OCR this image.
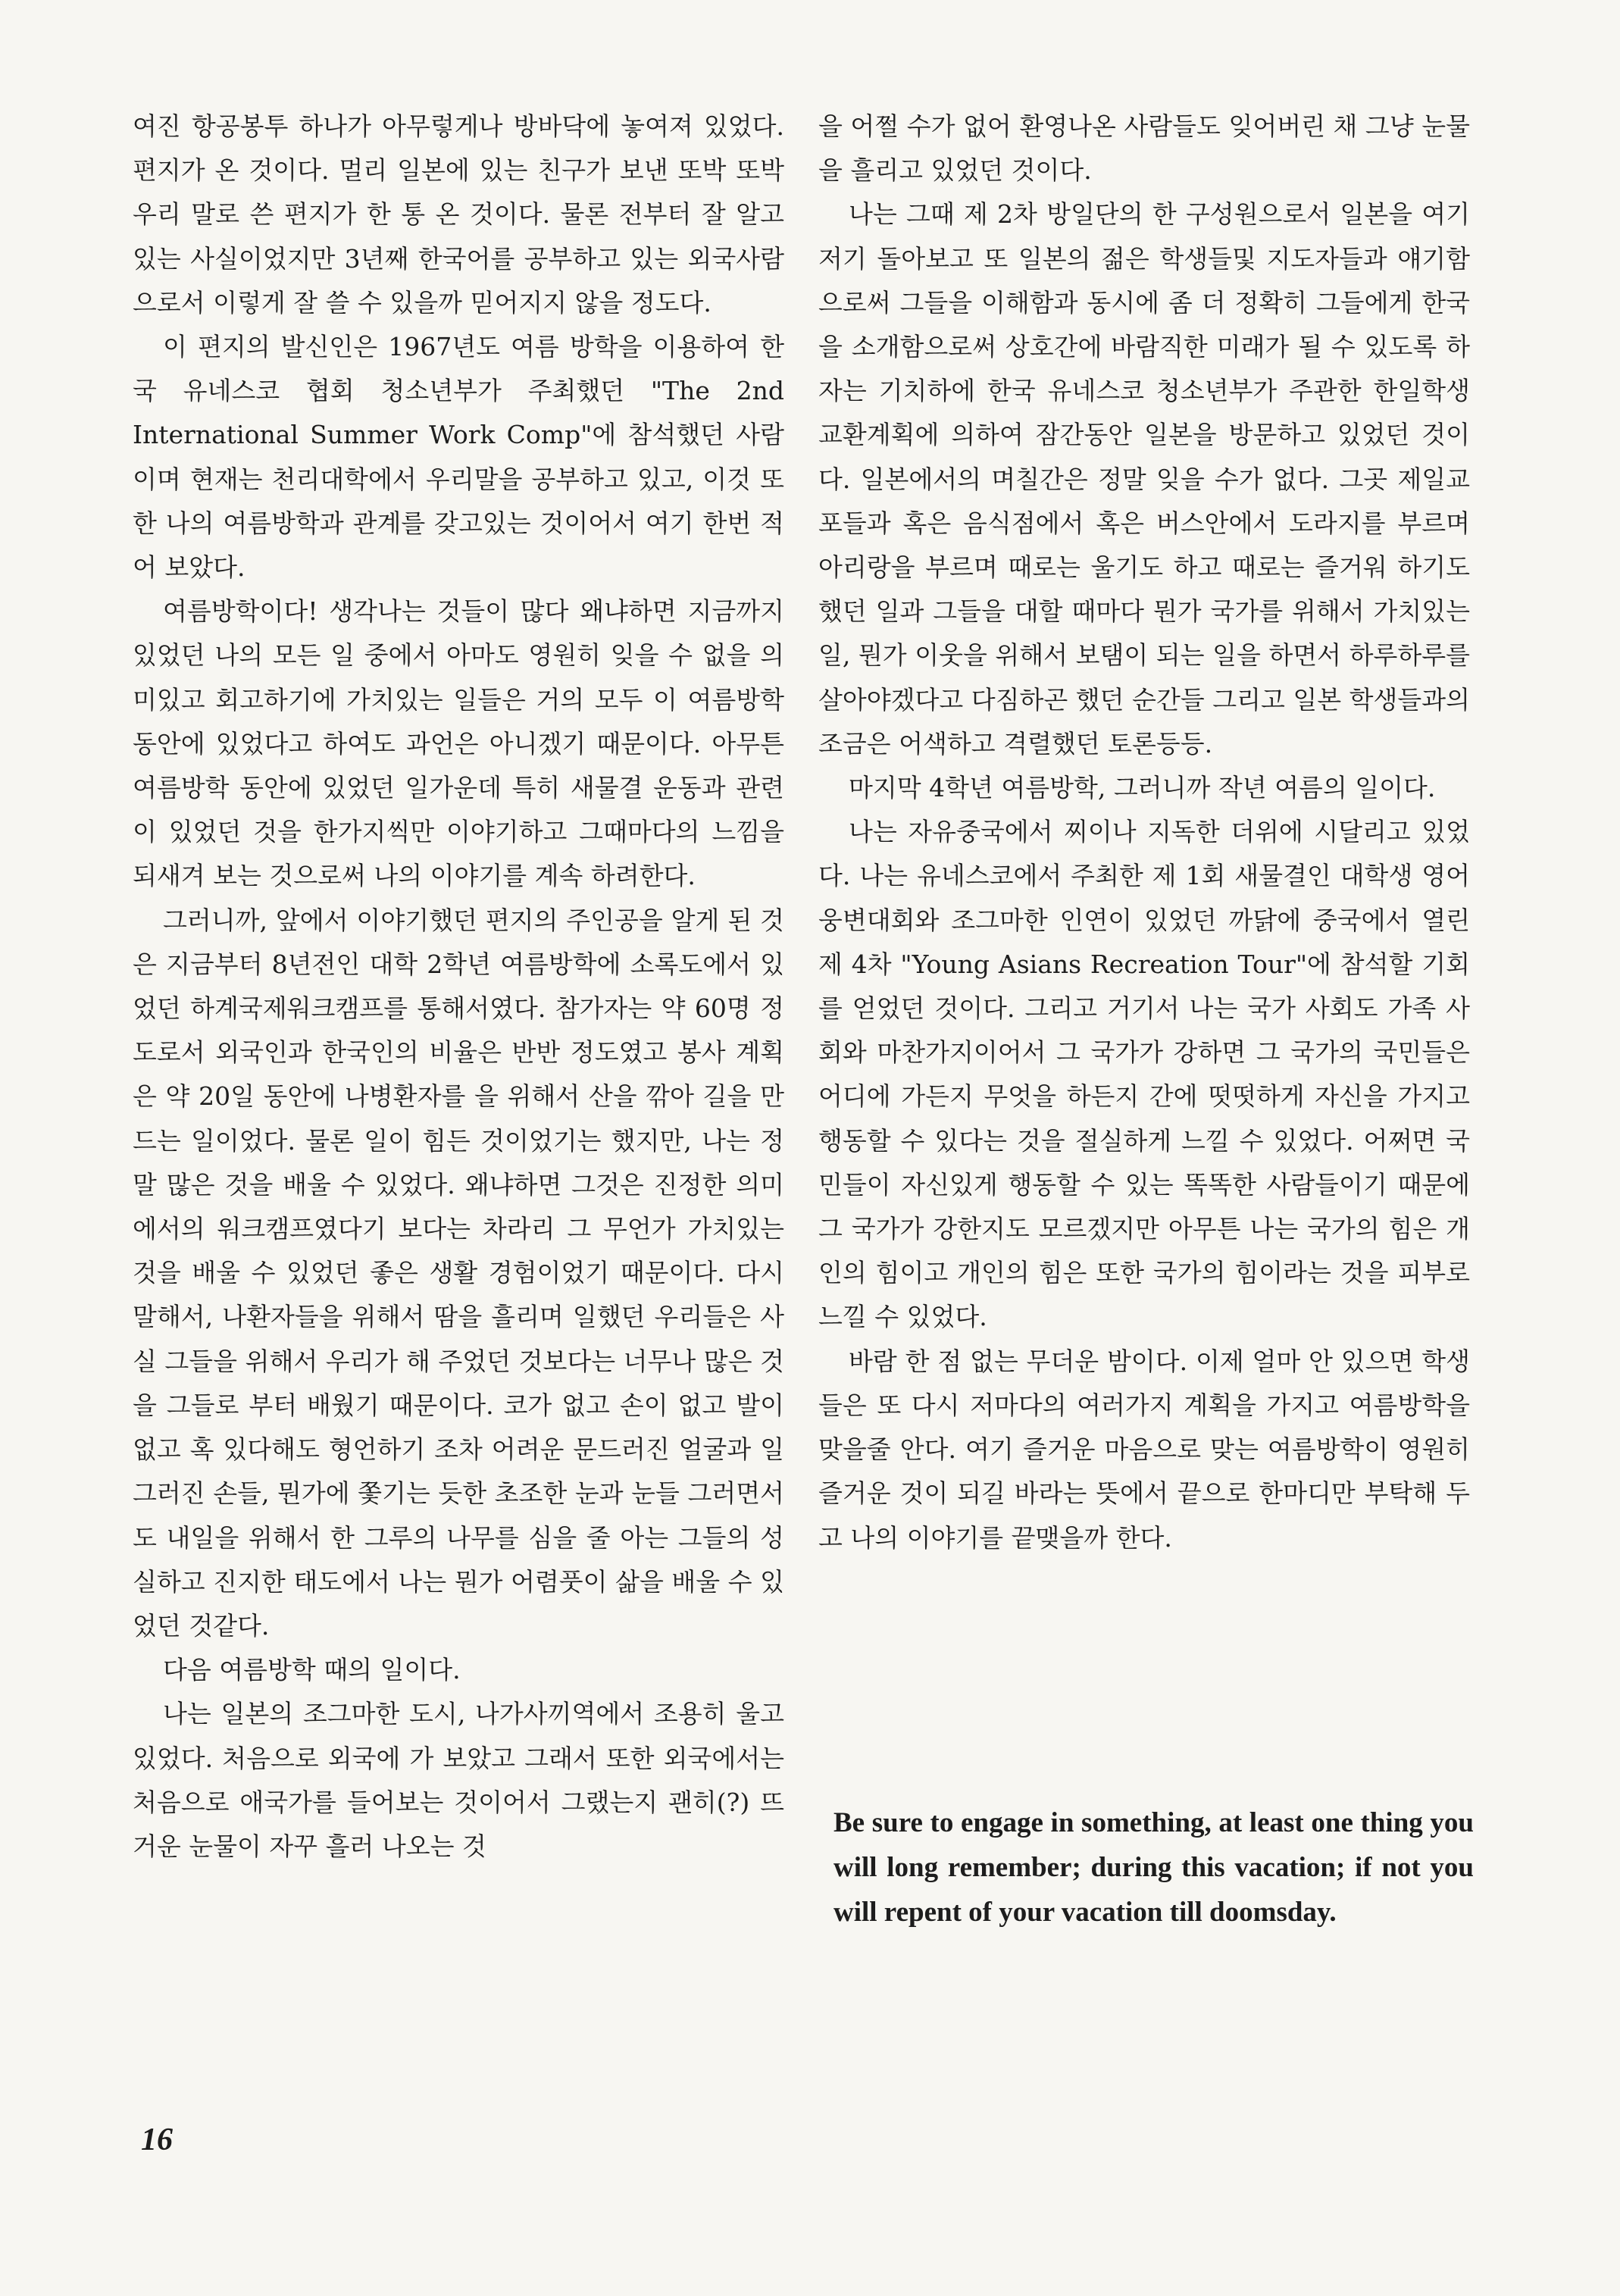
여진 항공봉투 하나가 아무렇게나 방바닥에 놓여져 있었다. 편지가 온 것이다. 멀리 일본에 있는 친구가 보낸 또박 또박 우리 말로 쓴 편지가 한 통 온 것이다. 물론 전부터 잘 알고 있는 사실이었지만 3년째 한국어를 공부하고 있는 외국사람으로서 이렇게 잘 쓸 수 있을까 믿어지지 않을 정도다.

이 편지의 발신인은 1967년도 여름 방학을 이용하여 한국 유네스코 협회 청소년부가 주최했던 "The 2nd International Summer Work Comp"에 참석했던 사람이며 현재는 천리대학에서 우리말을 공부하고 있고, 이것 또한 나의 여름방학과 관계를 갖고있는 것이어서 여기 한번 적어 보았다.

여름방학이다! 생각나는 것들이 많다 왜냐하면 지금까지 있었던 나의 모든 일 중에서 아마도 영원히 잊을 수 없을 의미있고 회고하기에 가치있는 일들은 거의 모두 이 여름방학 동안에 있었다고 하여도 과언은 아니겠기 때문이다. 아무튼 여름방학 동안에 있었던 일가운데 특히 새물결 운동과 관련이 있었던 것을 한가지씩만 이야기하고 그때마다의 느낌을 되새겨 보는 것으로써 나의 이야기를 계속 하려한다.

그러니까, 앞에서 이야기했던 편지의 주인공을 알게 된 것은 지금부터 8년전인 대학 2학년 여름방학에 소록도에서 있었던 하계국제워크캠프를 통해서였다. 참가자는 약 60명 정도로서 외국인과 한국인의 비율은 반반 정도였고 봉사 계획은 약 20일 동안에 나병환자를 을 위해서 산을 깎아 길을 만드는 일이었다. 물론 일이 힘든 것이었기는 했지만, 나는 정말 많은 것을 배울 수 있었다. 왜냐하면 그것은 진정한 의미에서의 워크캠프였다기 보다는 차라리 그 무언가 가치있는 것을 배울 수 있었던 좋은 생활 경험이었기 때문이다. 다시 말해서, 나환자들을 위해서 땀을 흘리며 일했던 우리들은 사실 그들을 위해서 우리가 해 주었던 것보다는 너무나 많은 것을 그들로 부터 배웠기 때문이다. 코가 없고 손이 없고 발이 없고 혹 있다해도 형언하기 조차 어려운 문드러진 얼굴과 일그러진 손들, 뭔가에 쫓기는 듯한 초조한 눈과 눈들 그러면서도 내일을 위해서 한 그루의 나무를 심을 줄 아는 그들의 성실하고 진지한 태도에서 나는 뭔가 어렴풋이 삶을 배울 수 있었던 것같다.

다음 여름방학 때의 일이다.

나는 일본의 조그마한 도시, 나가사끼역에서 조용히 울고 있었다. 처음으로 외국에 가 보았고 그래서 또한 외국에서는 처음으로 애국가를 들어보는 것이어서 그랬는지 괜히(?) 뜨거운 눈물이 자꾸 흘러 나오는 것

을 어쩔 수가 없어 환영나온 사람들도 잊어버린 채 그냥 눈물을 흘리고 있었던 것이다.

나는 그때 제 2차 방일단의 한 구성원으로서 일본을 여기 저기 돌아보고 또 일본의 젊은 학생들및 지도자들과 얘기함으로써 그들을 이해함과 동시에 좀 더 정확히 그들에게 한국을 소개함으로써 상호간에 바람직한 미래가 될 수 있도록 하자는 기치하에 한국 유네스코 청소년부가 주관한 한일학생 교환계획에 의하여 잠간동안 일본을 방문하고 있었던 것이다. 일본에서의 며칠간은 정말 잊을 수가 없다. 그곳 제일교포들과 혹은 음식점에서 혹은 버스안에서 도라지를 부르며 아리랑을 부르며 때로는 울기도 하고 때로는 즐거워 하기도 했던 일과 그들을 대할 때마다 뭔가 국가를 위해서 가치있는 일, 뭔가 이웃을 위해서 보탬이 되는 일을 하면서 하루하루를 살아야겠다고 다짐하곤 했던 순간들 그리고 일본 학생들과의 조금은 어색하고 격렬했던 토론등등.

마지막 4학년 여름방학, 그러니까 작년 여름의 일이다.

나는 자유중국에서 찌이나 지독한 더위에 시달리고 있었다. 나는 유네스코에서 주최한 제 1회 새물결인 대학생 영어 웅변대회와 조그마한 인연이 있었던 까닭에 중국에서 열린 제 4차 "Young Asians Recreation Tour"에 참석할 기회를 얻었던 것이다. 그리고 거기서 나는 국가 사회도 가족 사회와 마찬가지이어서 그 국가가 강하면 그 국가의 국민들은 어디에 가든지 무엇을 하든지 간에 떳떳하게 자신을 가지고 행동할 수 있다는 것을 절실하게 느낄 수 있었다. 어쩌면 국민들이 자신있게 행동할 수 있는 똑똑한 사람들이기 때문에 그 국가가 강한지도 모르겠지만 아무튼 나는 국가의 힘은 개인의 힘이고 개인의 힘은 또한 국가의 힘이라는 것을 피부로 느낄 수 있었다.

바람 한 점 없는 무더운 밤이다. 이제 얼마 안 있으면 학생들은 또 다시 저마다의 여러가지 계획을 가지고 여름방학을 맞을줄 안다. 여기 즐거운 마음으로 맞는 여름방학이 영원히 즐거운 것이 되길 바라는 뜻에서 끝으로 한마디만 부탁해 두고 나의 이야기를 끝맺을까 한다.

Be sure to engage in something, at least one thing you will long remember; during this vacation; if not you will repent of your vacation till doomsday.
16
